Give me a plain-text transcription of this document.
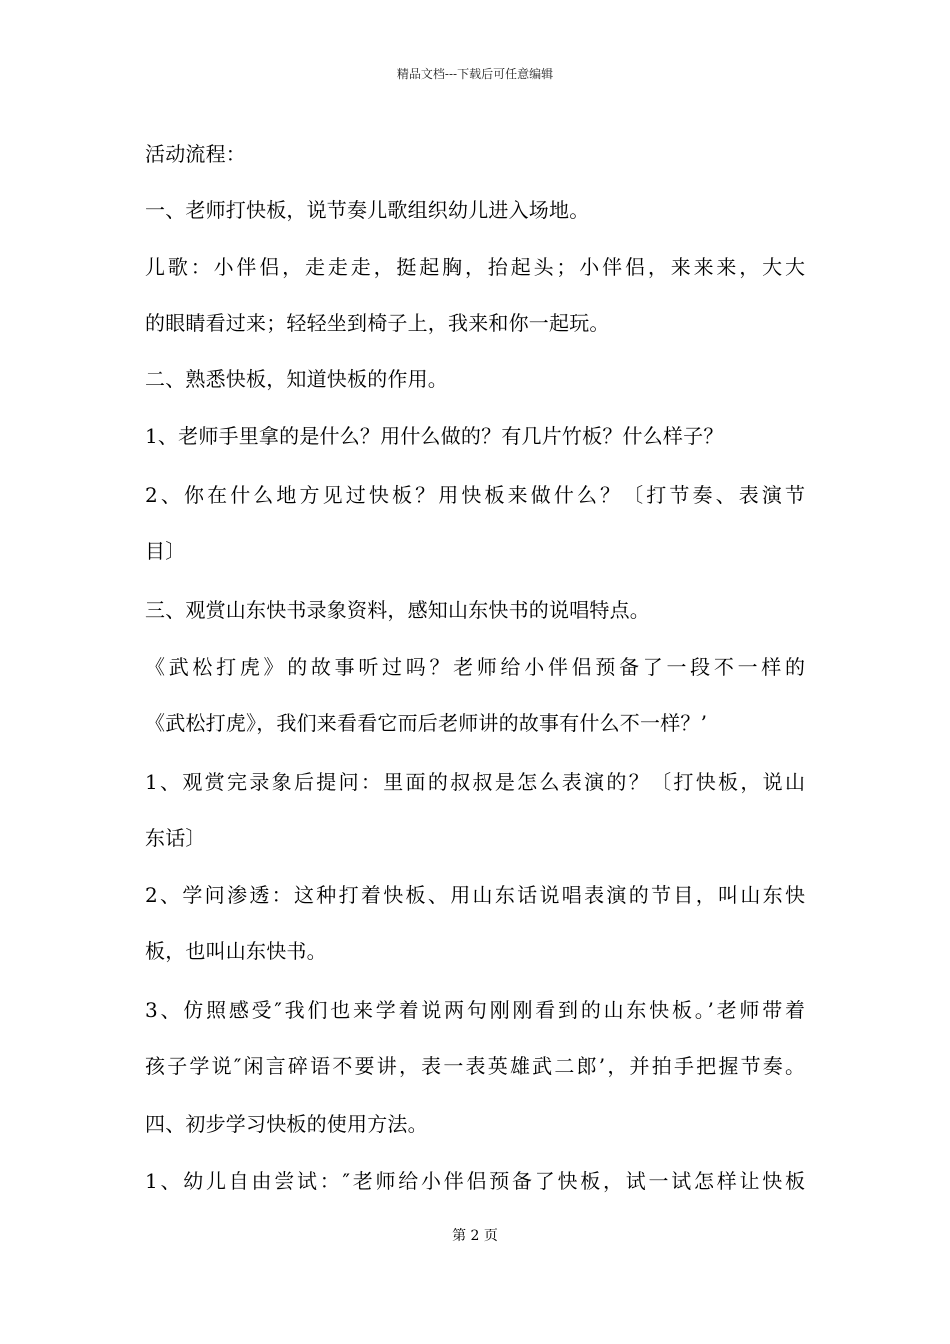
精品文档---下载后可任意编辑
活动流程：
一、老师打快板，说节奏儿歌组织幼儿进入场地。
儿歌：小伴侣，走走走，挺起胸，抬起头；小伴侣，来来来，大大
的眼睛看过来；轻轻坐到椅子上，我来和你一起玩。
二、熟悉快板，知道快板的作用。
1、老师手里拿的是什么？用什么做的？有几片竹板？什么样子？
2、你在什么地方见过快板？用快板来做什么？〔打节奏、表演节
目〕
三、观赏山东快书录象资料，感知山东快书的说唱特点。
《武松打虎》的故事听过吗？老师给小伴侣预备了一段不一样的
《武松打虎》，我们来看看它而后老师讲的故事有什么不一样？’
1、观赏完录象后提问：里面的叔叔是怎么表演的？〔打快板，说山
东话〕
2、学问渗透：这种打着快板、用山东话说唱表演的节目，叫山东快
板，也叫山东快书。
3、仿照感受″我们也来学着说两句刚刚看到的山东快板。’老师带着
孩子学说″闲言碎语不要讲，表一表英雄武二郎’，并拍手把握节奏。
四、初步学习快板的使用方法。
1、幼儿自由尝试：″老师给小伴侣预备了快板，试一试怎样让快板
第 2 页
